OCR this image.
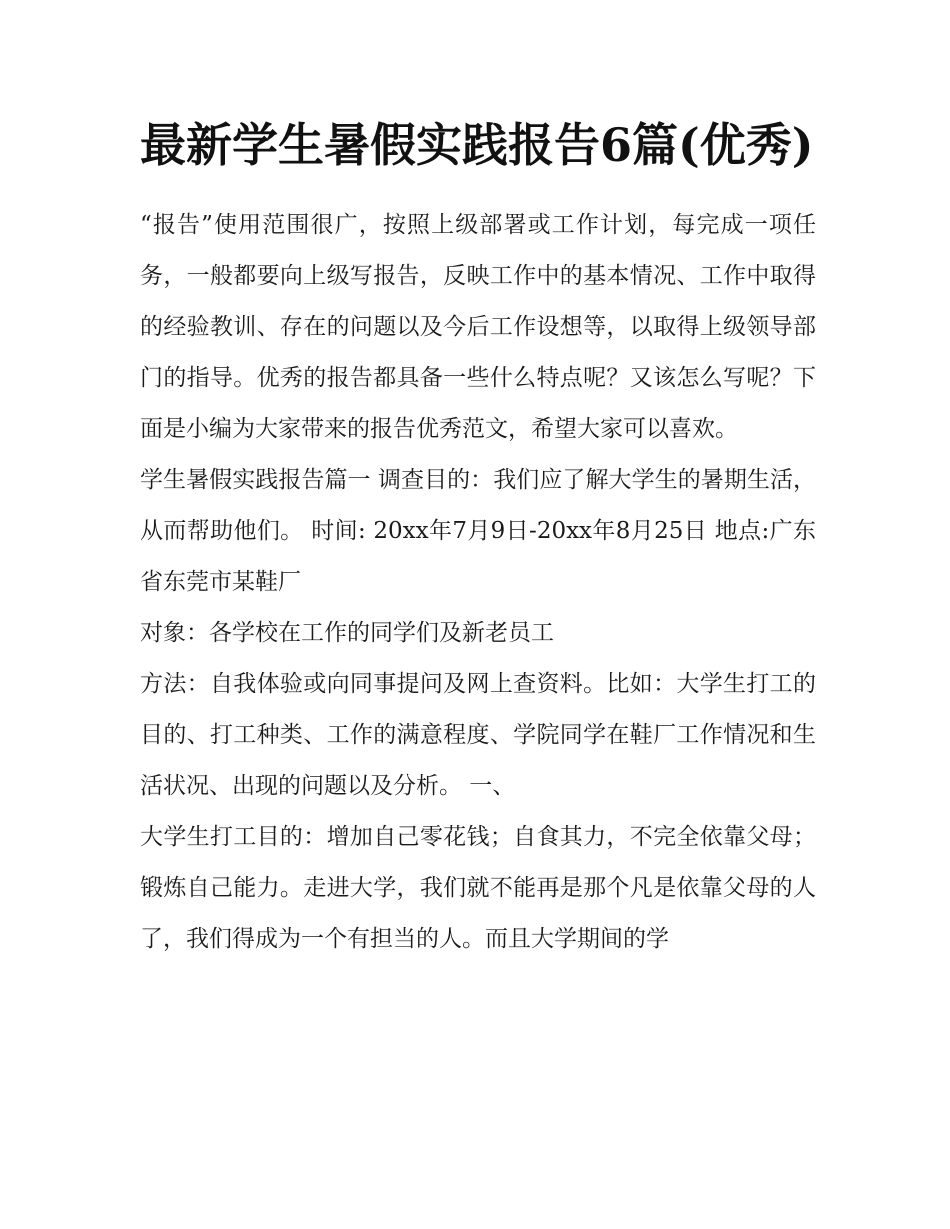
最新学生暑假实践报告6篇(优秀)

“报告”使用范围很广，按照上级部署或工作计划，每完成一项任务，一般都要向上级写报告，反映工作中的基本情况、工作中取得的经验教训、存在的问题以及今后工作设想等，以取得上级领导部门的指导。优秀的报告都具备一些什么特点呢？又该怎么写呢？下面是小编为大家带来的报告优秀范文，希望大家可以喜欢。

学生暑假实践报告篇一 调查目的：我们应了解大学生的暑期生活，从而帮助他们。 时间: 20xx年7月9日-20xx年8月25日 地点:广东省东莞市某鞋厂

对象：各学校在工作的同学们及新老员工

方法：自我体验或向同事提问及网上查资料。比如：大学生打工的目的、打工种类、工作的满意程度、学院同学在鞋厂工作情况和生活状况、出现的问题以及分析。 一、

大学生打工目的：增加自己零花钱；自食其力，不完全依靠父母；锻炼自己能力。走进大学，我们就不能再是那个凡是依靠父母的人了，我们得成为一个有担当的人。而且大学期间的学
